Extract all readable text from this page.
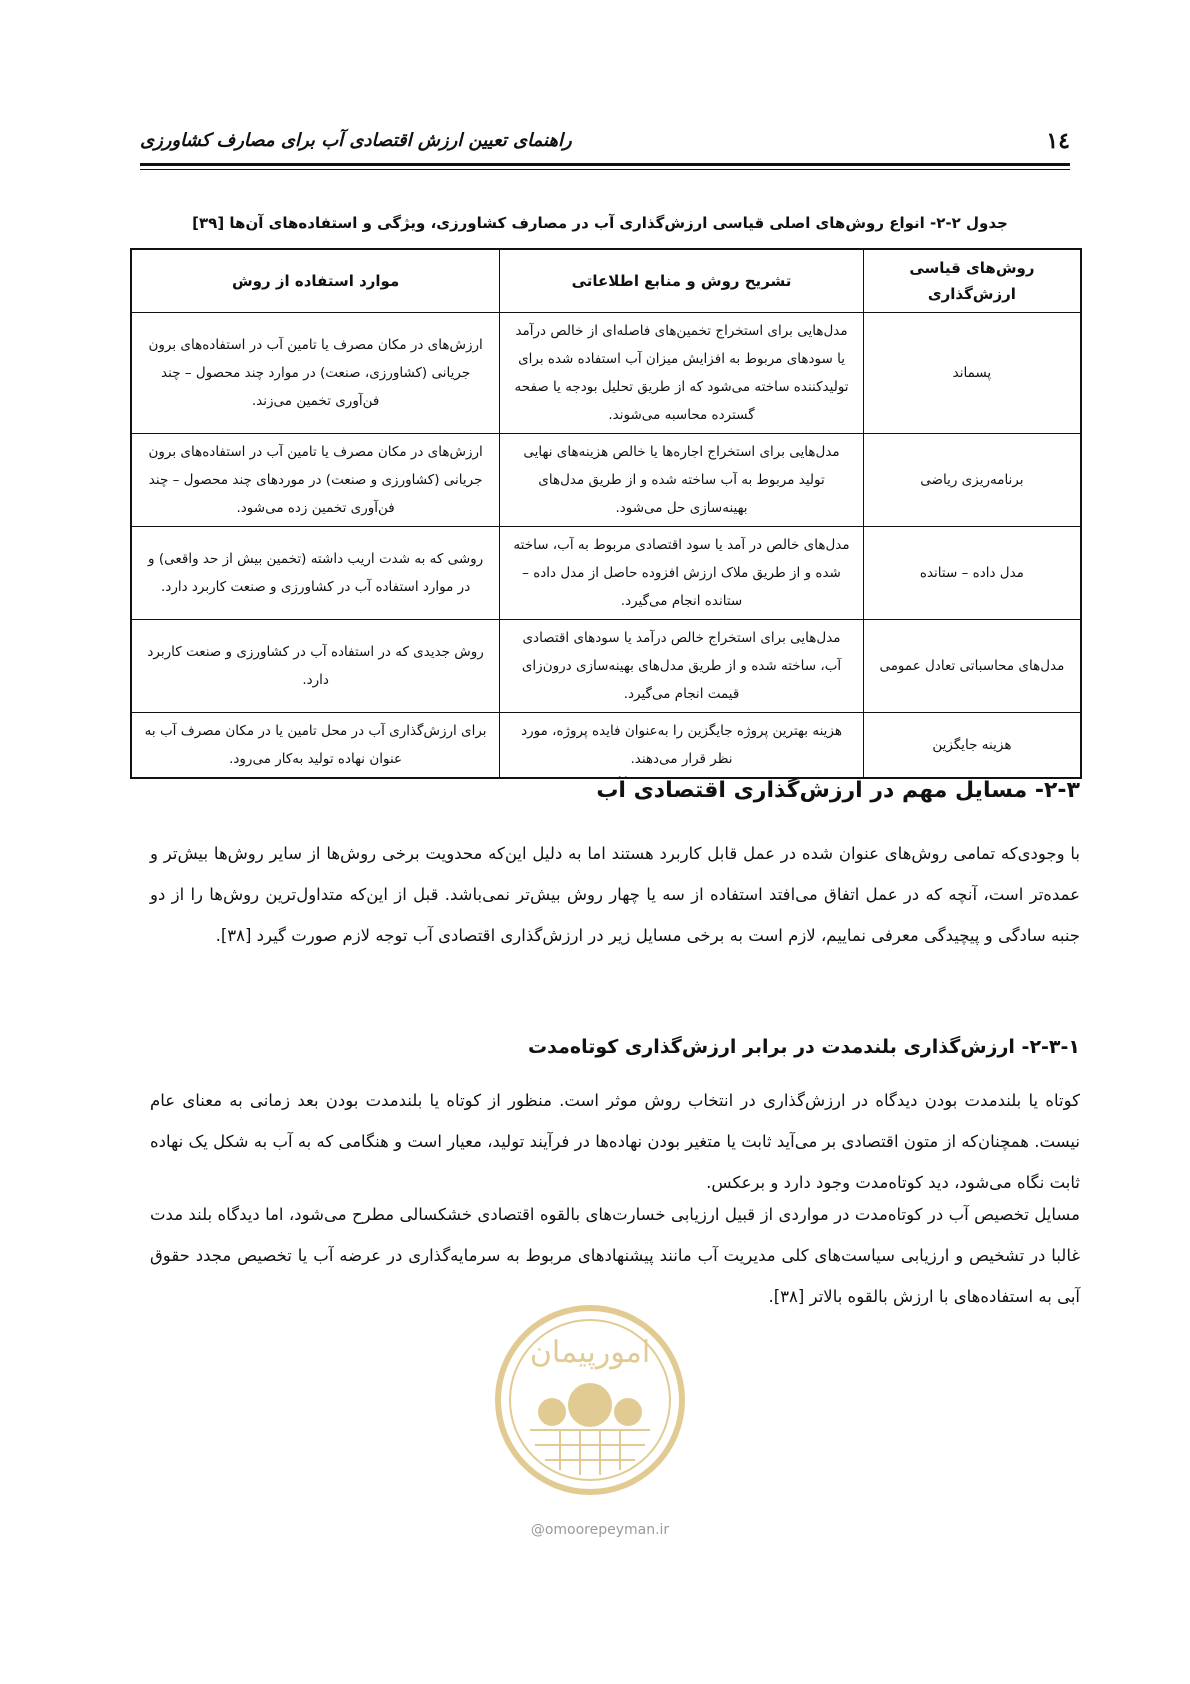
۱٤
راهنمای تعیین ارزش اقتصادی آب برای مصارف کشاورزی
جدول ۲-۲- انواع روش‌های اصلی قیاسی ارزش‌گذاری آب در مصارف کشاورزی، ویژگی و استفاده‌های آن‌ها [۳۹]
روش‌های قیاسی ارزش‌گذاری	تشریح روش و منابع اطلاعاتی	موارد استفاده از روش
پسماند	مدل‌هایی برای استخراج تخمین‌های فاصله‌ای از خالص درآمد یا سودهای مربوط به افزایش میزان آب استفاده شده برای تولیدکننده ساخته می‌شود که از طریق تحلیل بودجه یا صفحه گسترده محاسبه می‌شوند.	ارزش‌های در مکان مصرف یا تامین آب در استفاده‌های برون جریانی (کشاورزی، صنعت) در موارد چند محصول – چند فن‌آوری تخمین می‌زند.
برنامه‌ریزی ریاضی	مدل‌هایی برای استخراج اجاره‌ها یا خالص هزینه‌های نهایی تولید مربوط به آب ساخته شده و از طریق مدل‌های بهینه‌سازی حل می‌شود.	ارزش‌های در مکان مصرف یا تامین آب در استفاده‌های برون جریانی (کشاورزی و صنعت) در موردهای چند محصول – چند فن‌آوری تخمین زده می‌شود.
مدل داده – ستانده	مدل‌های خالص در آمد یا سود اقتصادی مربوط به آب، ساخته شده و از طریق ملاک ارزش افزوده حاصل از مدل داده – ستانده انجام می‌گیرد.	روشی که به شدت اریب داشته (تخمین بیش از حد واقعی) و در موارد استفاده آب در کشاورزی و صنعت کاربرد دارد.
مدل‌های محاسباتی تعادل عمومی	مدل‌هایی برای استخراج خالص درآمد یا سودهای اقتصادی آب، ساخته شده و از طریق مدل‌های بهینه‌سازی درون‌زای قیمت انجام می‌گیرد.	روش جدیدی که در استفاده آب در کشاورزی و صنعت کاربرد دارد.
هزینه جایگزین	هزینه بهترین پروژه جایگزین را به‌عنوان فایده پروژه، مورد نظر قرار می‌دهند.	برای ارزش‌گذاری آب در محل تامین یا در مکان مصرف آب به عنوان نهاده تولید به‌کار می‌رود.
۲-۳- مسایل مهم در ارزش‌گذاری اقتصادی آب
با وجودی‌که تمامی روش‌های عنوان شده در عمل قابل کاربرد هستند اما به دلیل این‌که محدویت برخی روش‌ها از سایر روش‌ها بیش‌تر و عمده‌تر است، آنچه که در عمل اتفاق می‌افتد استفاده از سه یا چهار روش بیش‌تر نمی‌باشد. قبل از این‌که متداول‌ترین روش‌ها را از دو جنبه سادگی و پیچیدگی معرفی نماییم، لازم است به برخی مسایل زیر در ارزش‌گذاری اقتصادی آب توجه لازم صورت گیرد [۳۸].
۲-۳-۱- ارزش‌گذاری بلندمدت در برابر ارزش‌گذاری کوتاه‌مدت
کوتاه یا بلندمدت بودن دیدگاه در ارزش‌گذاری در انتخاب روش موثر است. منظور از کوتاه یا بلندمدت بودن بعد زمانی به معنای عام نیست. همچنان‌که از متون اقتصادی بر می‌آید ثابت یا متغیر بودن نهاده‌ها در فرآیند تولید، معیار است و هنگامی که به آب به شکل یک نهاده ثابت نگاه می‌شود، دید کوتاه‌مدت وجود دارد و برعکس.
مسایل تخصیص آب در کوتاه‌مدت در مواردی از قبیل ارزیابی خسارت‌های بالقوه اقتصادی خشکسالی مطرح می‌شود، اما دیدگاه بلند مدت غالبا در تشخیص و ارزیابی سیاست‌های کلی مدیریت آب مانند پیشنهادهای مربوط به سرمایه‌گذاری در عرضه آب یا تخصیص مجدد حقوق آبی به استفاده‌های با ارزش بالقوه بالاتر [۳۸].
امورپیمان
@omoorepeyman.ir
